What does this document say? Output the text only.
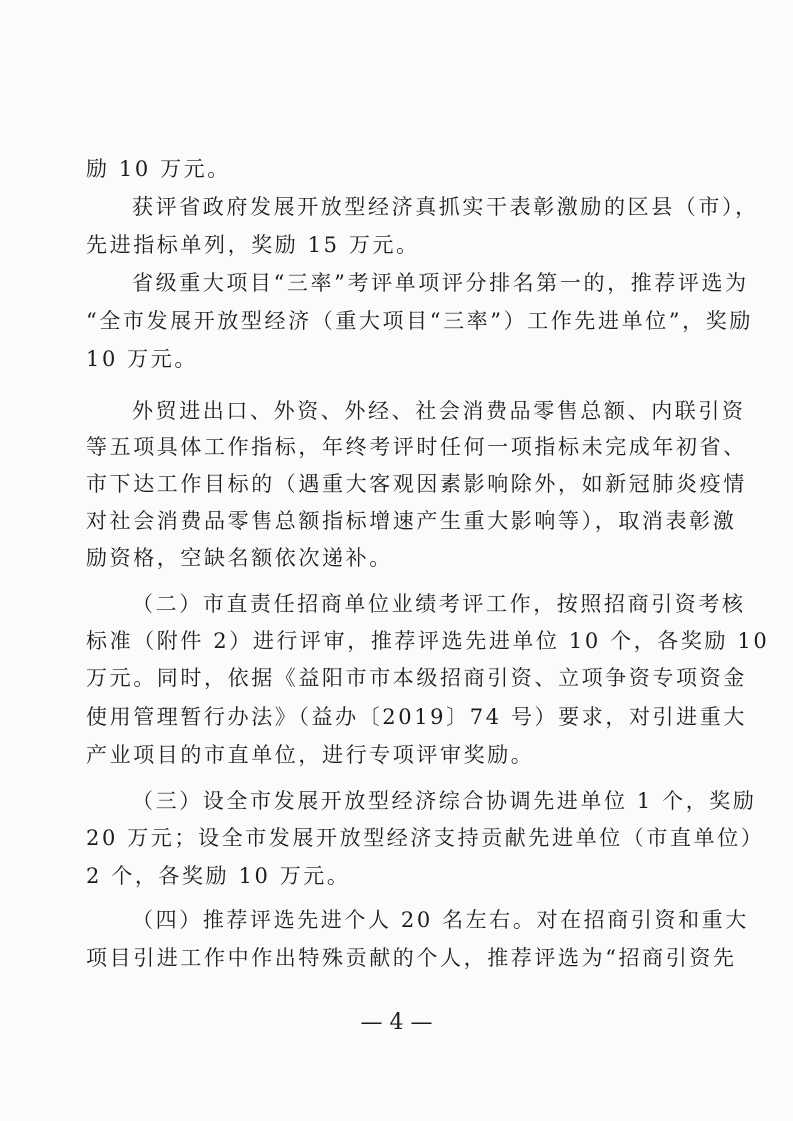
励 10 万元。
获评省政府发展开放型经济真抓实干表彰激励的区县（市），
先进指标单列，奖励 15 万元。
省级重大项目“三率”考评单项评分排名第一的，推荐评选为
“全市发展开放型经济（重大项目“三率”）工作先进单位”，奖励
10 万元。
外贸进出口、外资、外经、社会消费品零售总额、内联引资
等五项具体工作指标，年终考评时任何一项指标未完成年初省、
市下达工作目标的（遇重大客观因素影响除外，如新冠肺炎疫情
对社会消费品零售总额指标增速产生重大影响等），取消表彰激
励资格，空缺名额依次递补。
（二）市直责任招商单位业绩考评工作，按照招商引资考核
标准（附件 2）进行评审，推荐评选先进单位 10 个，各奖励 10
万元。同时，依据《益阳市市本级招商引资、立项争资专项资金
使用管理暂行办法》（益办〔2019〕74 号）要求，对引进重大
产业项目的市直单位，进行专项评审奖励。
（三）设全市发展开放型经济综合协调先进单位 1 个，奖励
20 万元；设全市发展开放型经济支持贡献先进单位（市直单位）
2 个，各奖励 10 万元。
（四）推荐评选先进个人 20 名左右。对在招商引资和重大
项目引进工作中作出特殊贡献的个人，推荐评选为“招商引资先
— 4 —
